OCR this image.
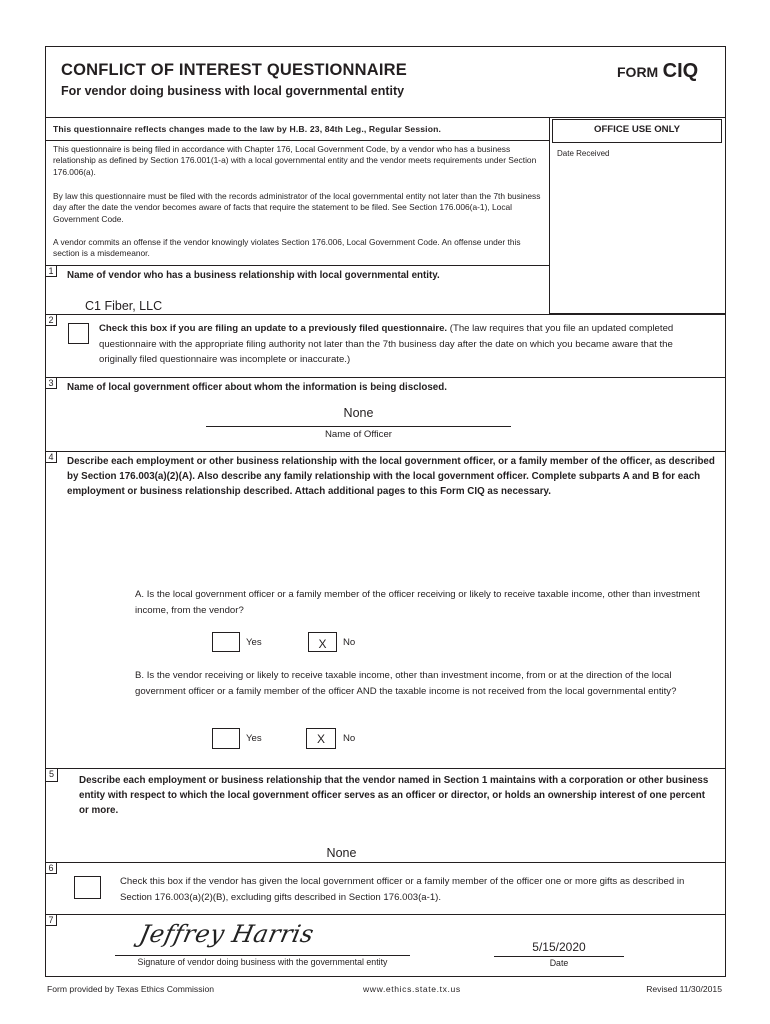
CONFLICT OF INTEREST QUESTIONNAIRE
For vendor doing business with local governmental entity
FORM CIQ
This questionnaire reflects changes made to the law by H.B. 23, 84th Leg., Regular Session.
This questionnaire is being filed in accordance with Chapter 176, Local Government Code, by a vendor who has a business relationship as defined by Section 176.001(1-a) with a local governmental entity and the vendor meets requirements under Section 176.006(a).
By law this questionnaire must be filed with the records administrator of the local governmental entity not later than the 7th business day after the date the vendor becomes aware of facts that require the statement to be filed. See Section 176.006(a-1), Local Government Code.
A vendor commits an offense if the vendor knowingly violates Section 176.006, Local Government Code. An offense under this section is a misdemeanor.
OFFICE USE ONLY
Date Received
1	Name of vendor who has a business relationship with local governmental entity.
C1 Fiber, LLC
2
Check this box if you are filing an update to a previously filed questionnaire. (The law requires that you file an updated completed questionnaire with the appropriate filing authority not later than the 7th business day after the date on which you became aware that the originally filed questionnaire was incomplete or inaccurate.)
3	Name of local government officer about whom the information is being disclosed.
None
Name of Officer
4	Describe each employment or other business relationship with the local government officer, or a family member of the officer, as described by Section 176.003(a)(2)(A). Also describe any family relationship with the local government officer. Complete subparts A and B for each employment or business relationship described. Attach additional pages to this Form CIQ as necessary.
A. Is the local government officer or a family member of the officer receiving or likely to receive taxable income, other than investment income, from the vendor?
Yes	X	No
B. Is the vendor receiving or likely to receive taxable income, other than investment income, from or at the direction of the local government officer or a family member of the officer AND the taxable income is not received from the local governmental entity?
Yes	X	No
5
Describe each employment or business relationship that the vendor named in Section 1 maintains with a corporation or other business entity with respect to which the local government officer serves as an officer or director, or holds an ownership interest of one percent or more.
None
6
Check this box if the vendor has given the local government officer or a family member of the officer one or more gifts as described in Section 176.003(a)(2)(B), excluding gifts described in Section 176.003(a-1).
7	Jeffrey Harris
Signature of vendor doing business with the governmental entity
5/15/2020
Date
Form provided by Texas Ethics Commission	www.ethics.state.tx.us	Revised 11/30/2015
